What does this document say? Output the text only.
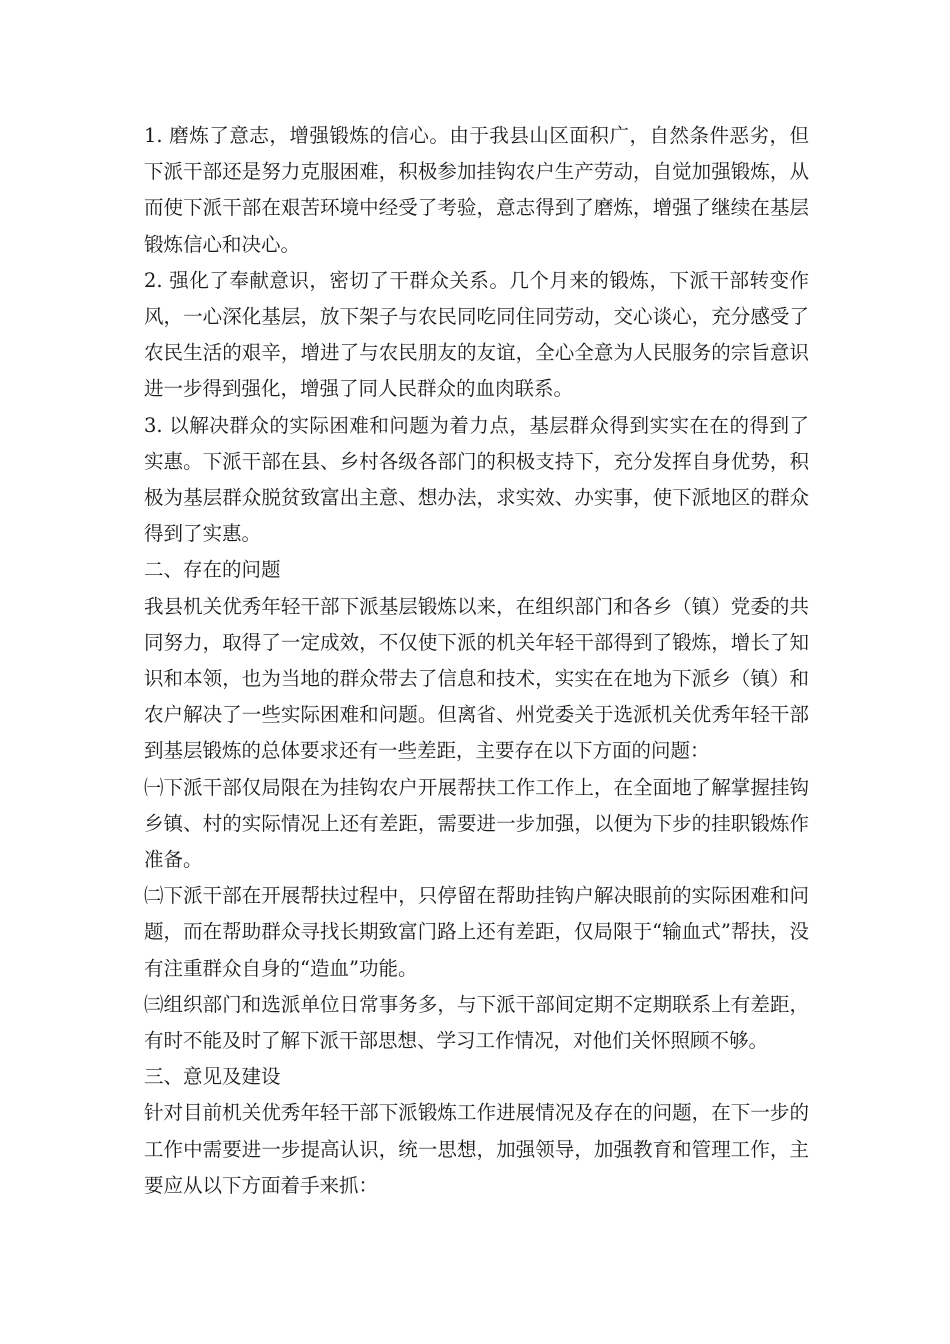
1. 磨炼了意志，增强锻炼的信心。由于我县山区面积广，自然条件恶劣，但下派干部还是努力克服困难，积极参加挂钩农户生产劳动，自觉加强锻炼，从而使下派干部在艰苦环境中经受了考验，意志得到了磨炼，增强了继续在基层锻炼信心和决心。

2. 强化了奉献意识，密切了干群众关系。几个月来的锻炼，下派干部转变作风，一心深化基层，放下架子与农民同吃同住同劳动，交心谈心，充分感受了农民生活的艰辛，增进了与农民朋友的友谊，全心全意为人民服务的宗旨意识进一步得到强化，增强了同人民群众的血肉联系。

3. 以解决群众的实际困难和问题为着力点，基层群众得到实实在在的得到了实惠。下派干部在县、乡村各级各部门的积极支持下，充分发挥自身优势，积极为基层群众脱贫致富出主意、想办法，求实效、办实事，使下派地区的群众得到了实惠。

二、存在的问题

我县机关优秀年轻干部下派基层锻炼以来，在组织部门和各乡（镇）党委的共同努力，取得了一定成效，不仅使下派的机关年轻干部得到了锻炼，增长了知识和本领，也为当地的群众带去了信息和技术，实实在在地为下派乡（镇）和农户解决了一些实际困难和问题。但离省、州党委关于选派机关优秀年轻干部到基层锻炼的总体要求还有一些差距，主要存在以下方面的问题：

㈠下派干部仅局限在为挂钩农户开展帮扶工作工作上，在全面地了解掌握挂钩乡镇、村的实际情况上还有差距，需要进一步加强，以便为下步的挂职锻炼作准备。

㈡下派干部在开展帮扶过程中，只停留在帮助挂钩户解决眼前的实际困难和问题，而在帮助群众寻找长期致富门路上还有差距，仅局限于“输血式”帮扶，没有注重群众自身的“造血”功能。

㈢组织部门和选派单位日常事务多，与下派干部间定期不定期联系上有差距，有时不能及时了解下派干部思想、学习工作情况，对他们关怀照顾不够。

三、意见及建设

针对目前机关优秀年轻干部下派锻炼工作进展情况及存在的问题，在下一步的工作中需要进一步提高认识，统一思想，加强领导，加强教育和管理工作，主要应从以下方面着手来抓：
